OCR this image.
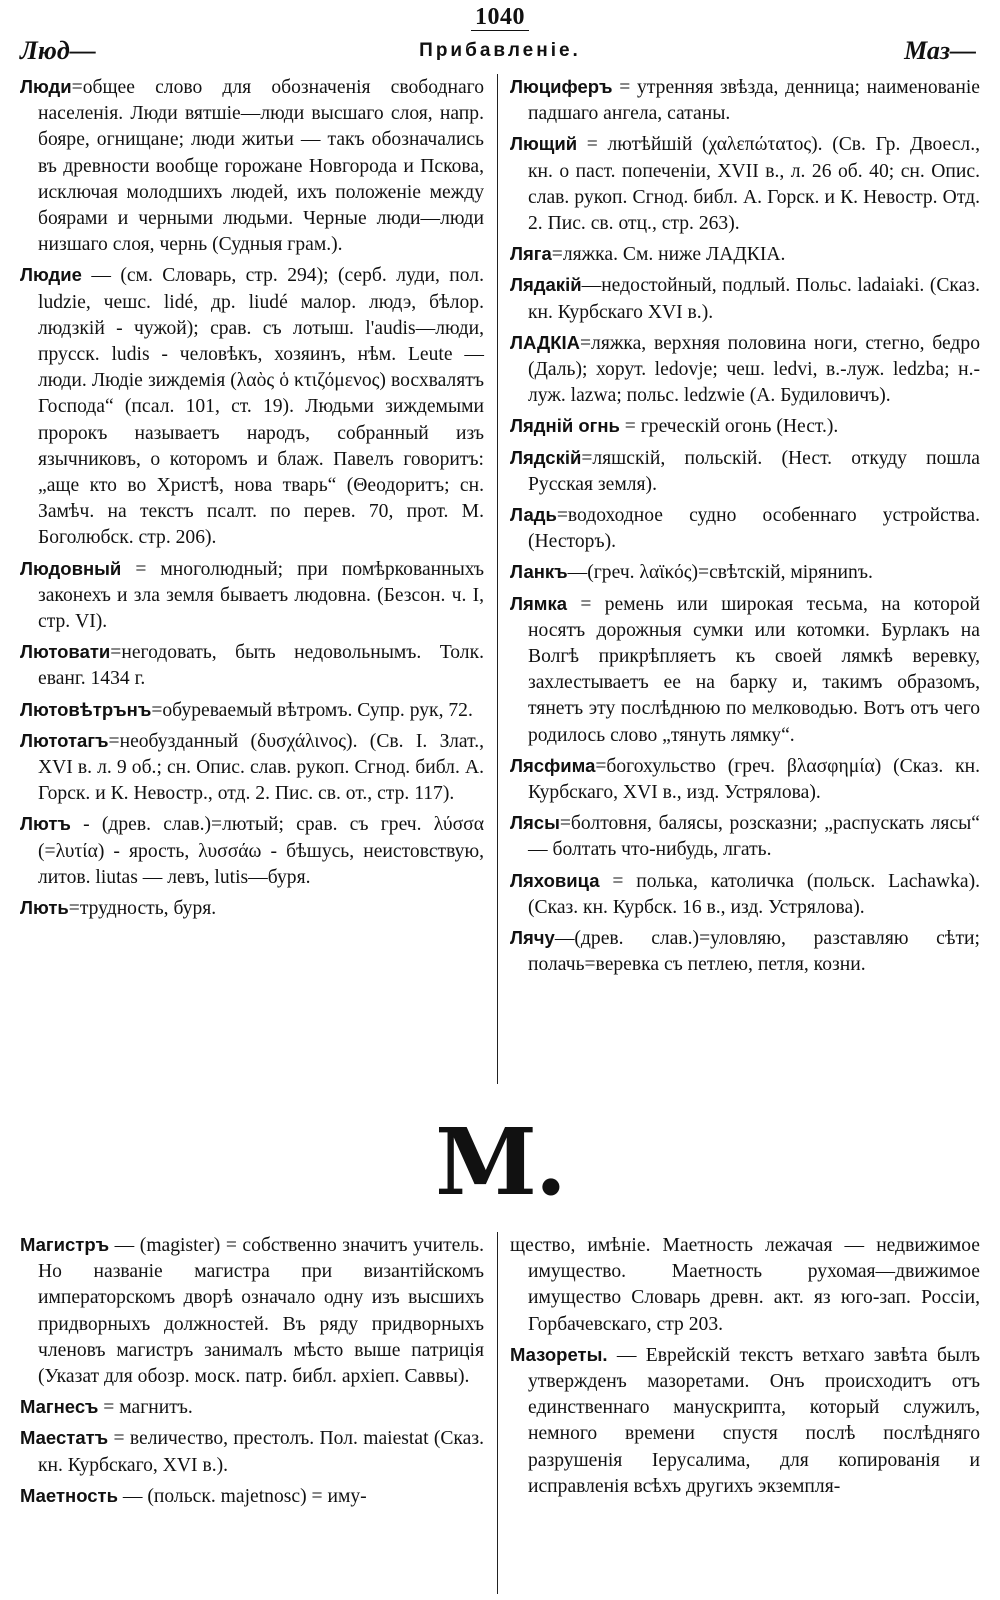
1040
Люд—	Прибавленіе.	Маз—

Люди=общее слово для обозначенія свободнаго населенія. Люди вятшіе—люди высшаго слоя, напр. бояре, огнищане; люди житьи — такъ обозначались въ древности вообще горожане Новгорода и Пскова, исключая молодшихъ людей, ихъ положеніе между боярами и черными людьми. Черные люди—люди низшаго слоя, чернь (Судныя грам.).

Людие — (см. Словарь, стр. 294); (серб. луди, пол. ludzie, чешс. lidé, др. liudé малор. людэ, бѣлор. людзкій - чужой); срав. съ лотыш. l'audis—люди, прусск. ludis - человѣкъ, хозяинъ, нѣм. Leute — люди. Людіе зиждемія (λαὸς ὁ κτιζόμενος) восхвалятъ Господа“ (псал. 101, ст. 19). Людьми зиждемыми пророкъ называетъ народъ, собранный изъ язычниковъ, о которомъ и блаж. Павелъ говоритъ: „аще кто во Христѣ, нова тварь“ (Θеодоритъ; сн. Замѣч. на текстъ псалт. по перев. 70, прот. М. Боголюбск. стр. 206).

Людовный = многолюдный; при помѣркованныхъ законехъ и зла земля бываетъ людовна. (Безсон. ч. I, стр. VI).

Лютовати=негодовать, быть недовольнымъ. Толк. еванг. 1434 г.

Лютовѣтрънъ=обуреваемый вѣтромъ. Супр. рук, 72.

Лютотагъ=необузданный (δυσχάλινος). (Св. I. Злат., XVI в. л. 9 об.; сн. Опис. слав. рукоп. Сгнод. библ. А. Горск. и К. Невостр., отд. 2. Пис. св. от., стр. 117).

Лютъ - (древ. слав.)=лютый; срав. съ греч. λύσσα (=λυτία) - ярость, λυσσάω - бѣшусь, неистовствую, литов. liutas — левъ, lutis—буря.

Лють=трудность, буря.

Люциферъ = утренняя звѣзда, денница; наименованіе падшаго ангела, сатаны.

Лющий = лютѣйшій (χαλεπώτατος). (Св. Гр. Двоесл., кн. о паст. попеченіи, XVII в., л. 26 об. 40; сн. Опис. слав. рукоп. Сгнод. библ. А. Горск. и К. Невостр. Отд. 2. Пис. св. отц., стр. 263).

Ляга=ляжка. См. ниже ЛАДКІА.

Лядакій—недостойный, подлый. Польс. ladaiaki. (Сказ. кн. Курбскаго XVI в.).

ЛАДКІА=ляжка, верхняя половина ноги, стегно, бедро (Даль); хорут. ledovje; чеш. ledvi, в.-луж. ledzba; н.-луж. lazwa; польс. ledzwie (А. Будиловичъ).

Лядній огнь = греческій огонь (Нест.).

Лядскій=ляшскій, польскій. (Нест. откуду пошла Русская земля).

Ладь=водоходное судно особеннаго устройства. (Несторъ).

Ланкъ—(греч. λαϊκός)=свѣтскій, міряниnъ.

Лямка = ремень или широкая тесьма, на которой носятъ дорожныя сумки или котомки. Бурлакъ на Волгѣ прикрѣпляетъ къ своей лямкѣ веревку, захлестываетъ ее на барку и, такимъ образомъ, тянетъ эту послѣднюю по мелководью. Вотъ отъ чего родилось слово „тянуть лямку“.

Лясфима=богохульство (греч. βλασφημία) (Сказ. кн. Курбскаго, XVI в., изд. Устрялова).

Лясы=болтовня, балясы, розсказни; „распускать лясы“ — болтать что-нибудь, лгать.

Ляховица = полька, католичка (польск. Lachawka). (Сказ. кн. Курбск. 16 в., изд. Устрялова).

Лячу—(древ. слав.)=уловляю, разставляю сѣти; полачь=веревка съ петлею, петля, козни.

М.

Магистръ — (magister) = собственно значитъ учитель. Но названіе магистра при византійскомъ императорскомъ дворѣ означало одну изъ высшихъ придворныхъ должностей. Въ ряду придворныхъ членовъ магистръ занималъ мѣсто выше патриція (Указат для обозр. моск. патр. библ. архіеп. Саввы).

Магнесъ = магнитъ.

Маестатъ = величество, престолъ. Пол. maiestat (Сказ. кн. Курбскаго, XVI в.).

Маетность — (польск. majetnosc) = иму-

щество, имѣніе. Маетность лежачая — недвижимое имущество. Маетность рухомая—движимое имущество Словарь древн. акт. яз юго-зап. Россіи, Горбачевскаго, стр 203.

Мазореты. — Еврейскій текстъ ветхаго завѣта былъ утвержденъ мазоретами. Онъ происходитъ отъ единственнаго манускрипта, который служилъ, немного времени спустя послѣ послѣдняго разрушенія Іерусалима, для копированія и исправленія всѣхъ другихъ экземпля-
